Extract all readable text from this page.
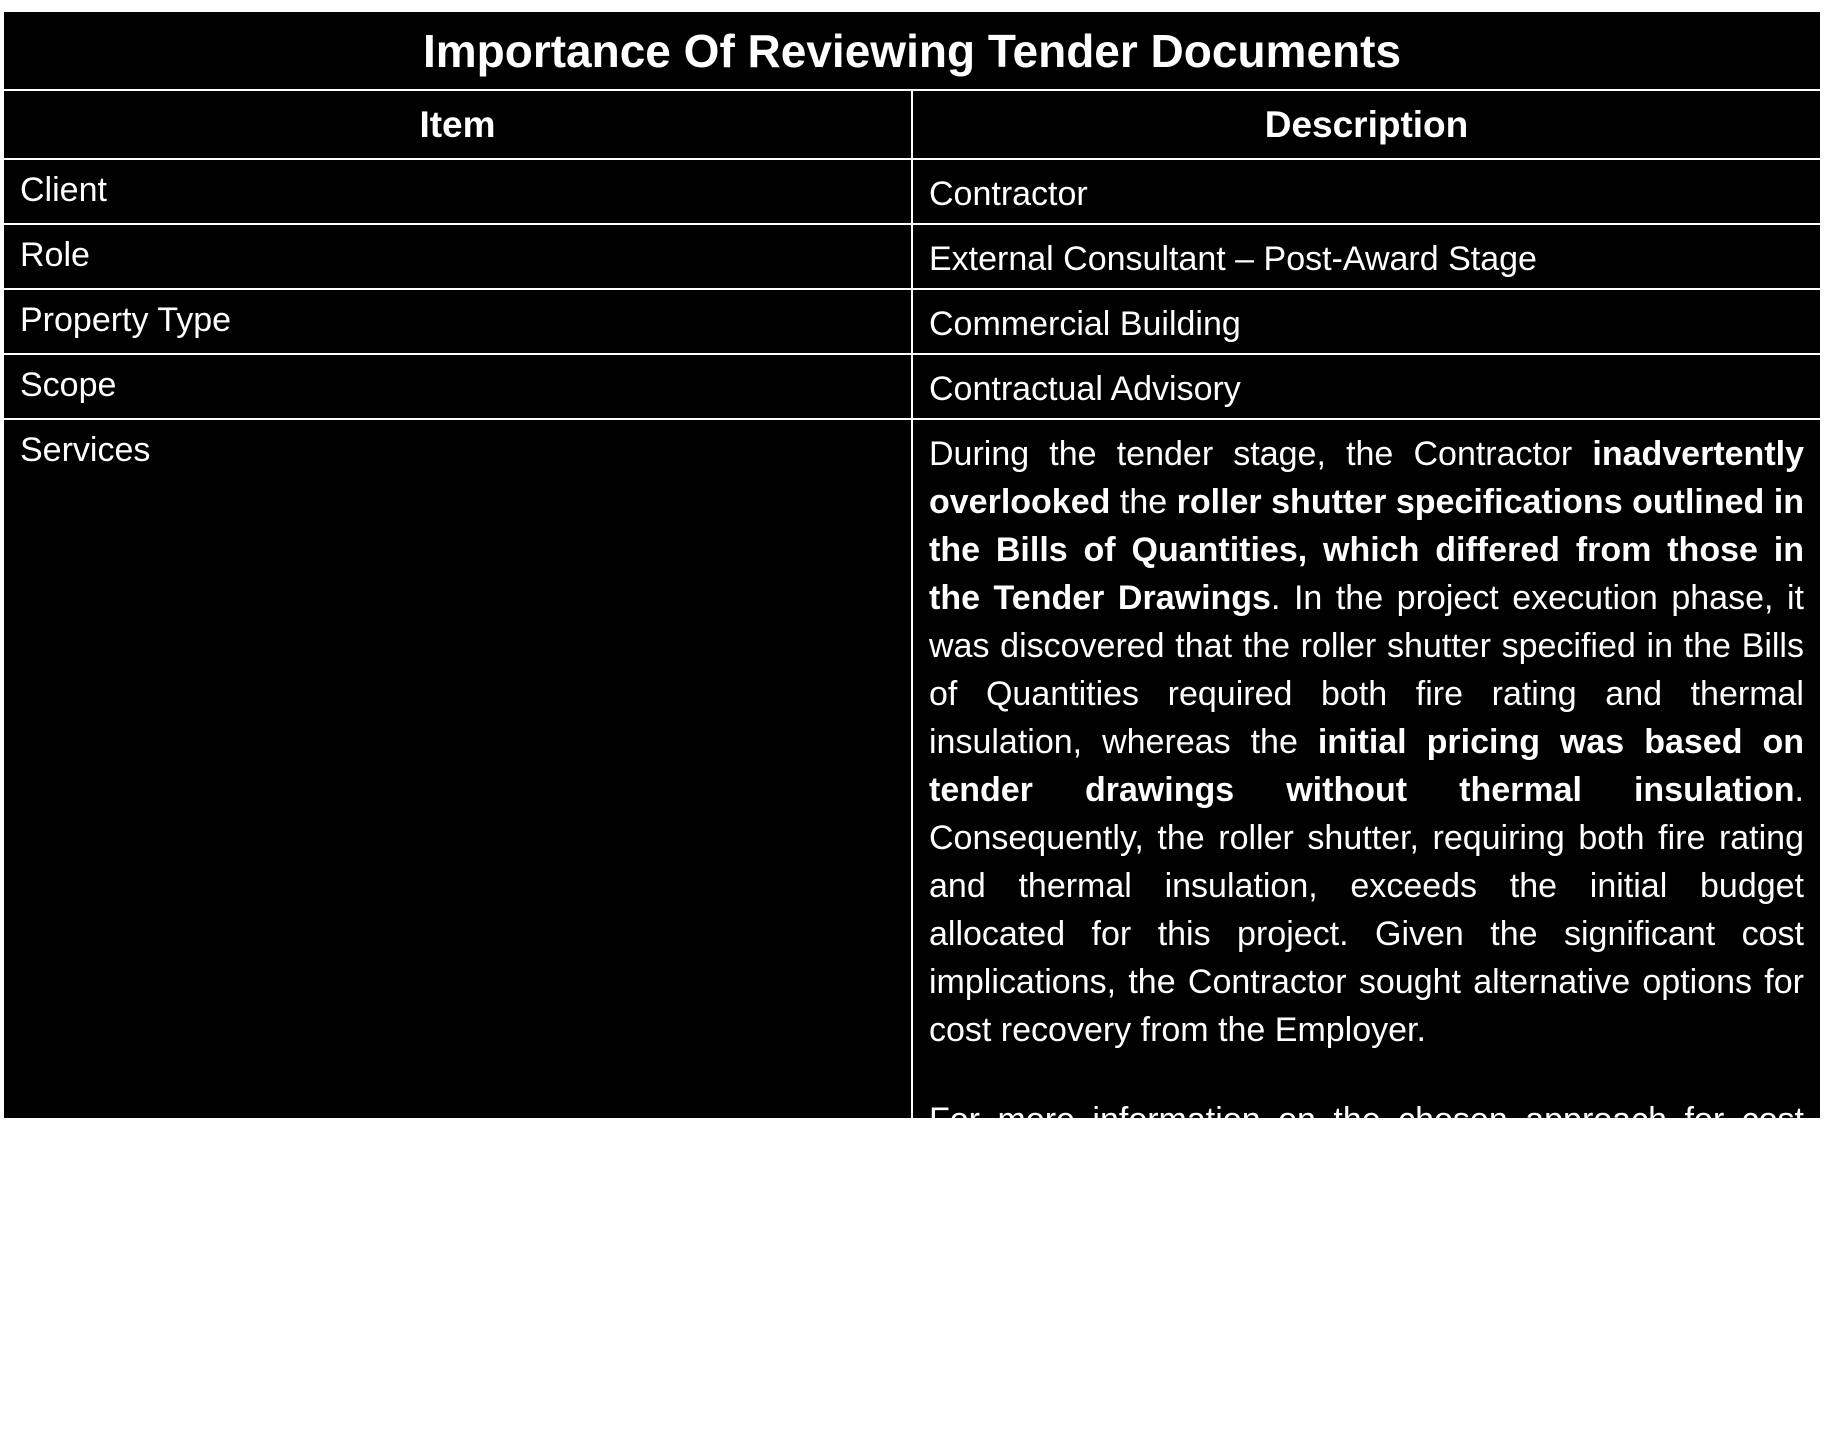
Importance Of Reviewing Tender Documents	
Item	Description
Client	Contractor
Role	External Consultant – Post-Award Stage
Property Type	Commercial Building
Scope	Contractual Advisory
Services	During the tender stage, the Contractor inadvertently overlooked the roller shutter specifications outlined in the Bills of Quantities, which differed from those in the Tender Drawings. In the project execution phase, it was discovered that the roller shutter specified in the Bills of Quantities required both fire rating and thermal insulation, whereas the initial pricing was based on tender drawings without thermal insulation. Consequently, the roller shutter, requiring both fire rating and thermal insulation, exceeds the initial budget allocated for this project. Given the significant cost implications, the Contractor sought alternative options for cost recovery from the Employer.
For more information on the chosen approach for cost recovery from the Employer, you may click the ‘See More’ icon.

Key Takeaways	Meticulous review of tender documents during tender stage before pricing tender, Clarifying potential discrepancies to proactively mitigate the risk of complications emerging during construction.
